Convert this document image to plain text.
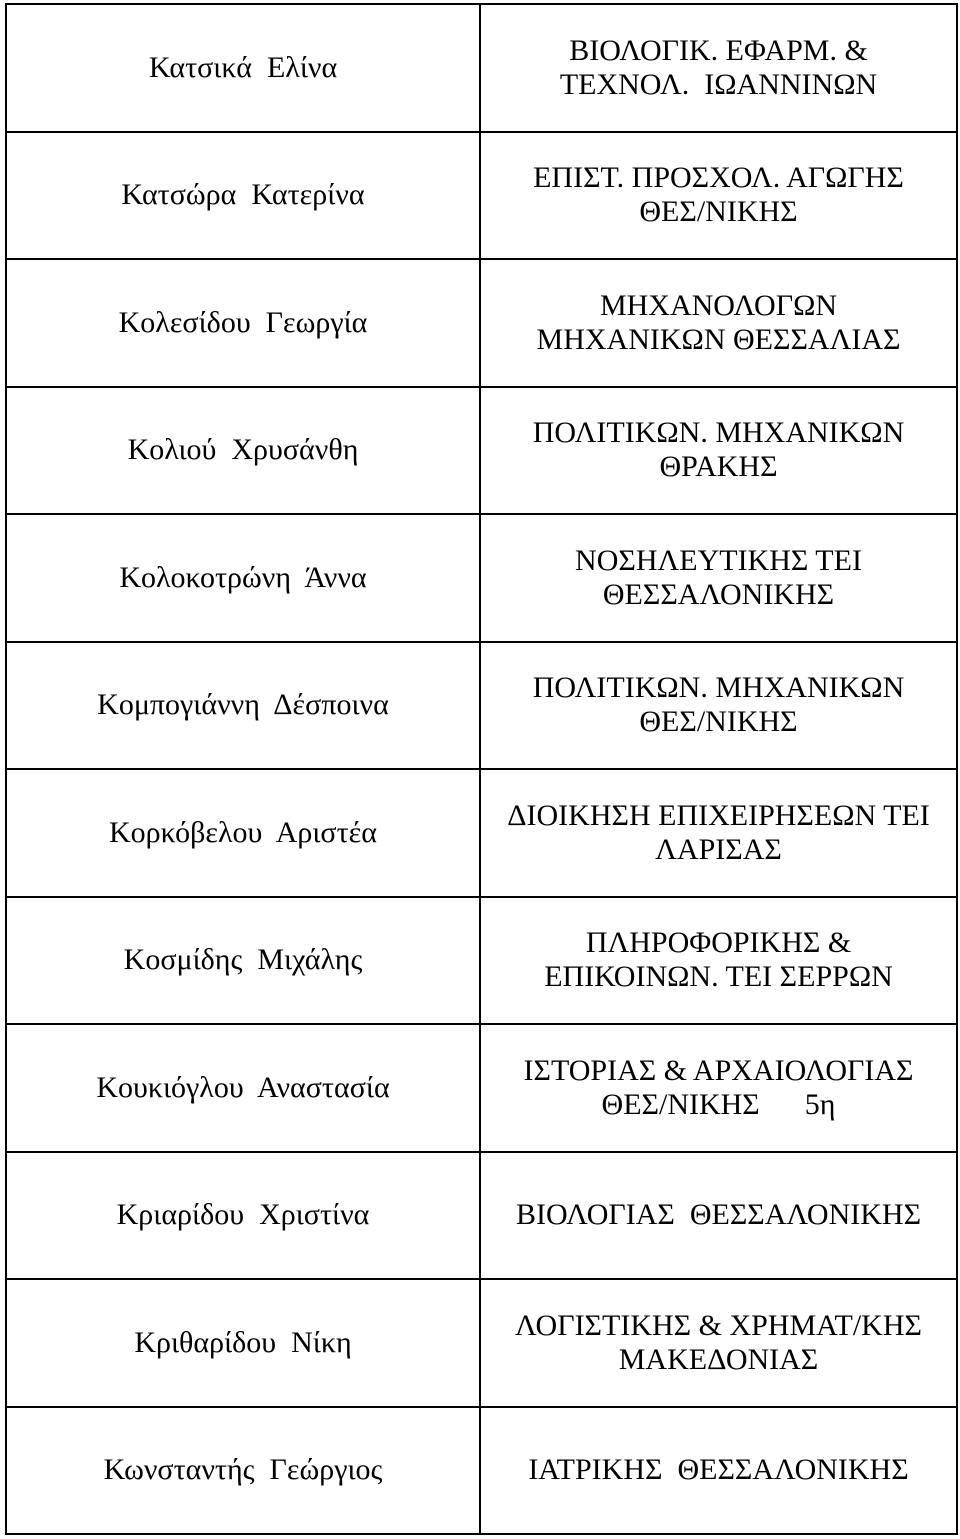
Κατσικά  Ελίνα	ΒΙΟΛΟΓΙΚ. ΕΦΑΡΜ. &
ΤΕΧΝΟΛ.  ΙΩΑΝΝΙΝΩΝ

Κατσώρα  Κατερίνα	ΕΠΙΣΤ. ΠΡΟΣΧΟΛ. ΑΓΩΓΗΣ
ΘΕΣ/ΝΙΚΗΣ

Κολεσίδου  Γεωργία	ΜΗΧΑΝΟΛΟΓΩΝ
ΜΗΧΑΝΙΚΩΝ ΘΕΣΣΑΛΙΑΣ

Κολιού  Χρυσάνθη	ΠΟΛΙΤΙΚΩΝ. ΜΗΧΑΝΙΚΩΝ
ΘΡΑΚΗΣ

Κολοκοτρώνη  Άννα	ΝΟΣΗΛΕΥΤΙΚΗΣ ΤΕΙ
ΘΕΣΣΑΛΟΝΙΚΗΣ

Κομπογιάννη  Δέσποινα	ΠΟΛΙΤΙΚΩΝ. ΜΗΧΑΝΙΚΩΝ
ΘΕΣ/ΝΙΚΗΣ

Κορκόβελου  Αριστέα	ΔΙΟΙΚΗΣΗ ΕΠΙΧΕΙΡΗΣΕΩΝ ΤΕΙ
ΛΑΡΙΣΑΣ

Κοσμίδης  Μιχάλης	ΠΛΗΡΟΦΟΡΙΚΗΣ &
ΕΠΙΚΟΙΝΩΝ. ΤΕΙ ΣΕΡΡΩΝ

Κουκιόγλου  Αναστασία	ΙΣΤΟΡΙΑΣ & ΑΡΧΑΙΟΛΟΓΙΑΣ
ΘΕΣ/ΝΙΚΗΣ      5η

Κριαρίδου  Χριστίνα	ΒΙΟΛΟΓΙΑΣ  ΘΕΣΣΑΛΟΝΙΚΗΣ

Κριθαρίδου  Νίκη	ΛΟΓΙΣΤΙΚΗΣ & ΧΡΗΜΑΤ/ΚΗΣ
ΜΑΚΕΔΟΝΙΑΣ

Κωνσταντής  Γεώργιος	ΙΑΤΡΙΚΗΣ  ΘΕΣΣΑΛΟΝΙΚΗΣ
